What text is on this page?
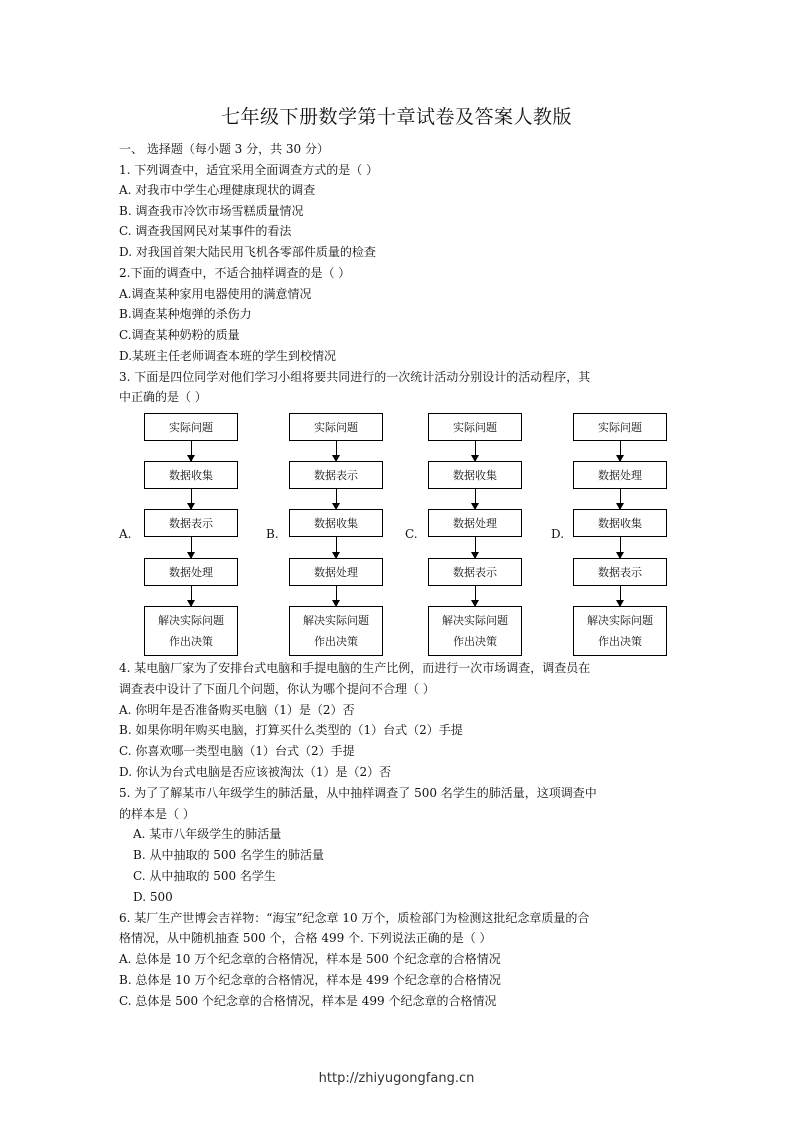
七年级下册数学第十章试卷及答案人教版
一、 选择题（每小题 3 分，共 30 分）
1. 下列调查中，适宜采用全面调查方式的是（ ）
A. 对我市中学生心理健康现状的调查
B. 调查我市冷饮市场雪糕质量情况
C. 调查我国网民对某事件的看法
D. 对我国首架大陆民用飞机各零部件质量的检查
2.下面的调查中，不适合抽样调查的是（ ）
A.调查某种家用电器使用的满意情况
B.调查某种炮弹的杀伤力
C.调查某种奶粉的质量
D.某班主任老师调查本班的学生到校情况
3. 下面是四位同学对他们学习小组将要共同进行的一次统计活动分别设计的活动程序，其
中正确的是（ ）
A.
实际问题
数据收集
数据表示
数据处理
解决实际问题
作出决策
B.
实际问题
数据表示
数据收集
数据处理
解决实际问题
作出决策
C.
实际问题
数据收集
数据处理
数据表示
解决实际问题
作出决策
D.
实际问题
数据处理
数据收集
数据表示
解决实际问题
作出决策
4. 某电脑厂家为了安排台式电脑和手提电脑的生产比例，而进行一次市场调查，调查员在
调查表中设计了下面几个问题，你认为哪个提问不合理（ ）
A. 你明年是否准备购买电脑（1）是（2）否
B. 如果你明年购买电脑，打算买什么类型的（1）台式（2）手提
C. 你喜欢哪一类型电脑（1）台式（2）手提
D. 你认为台式电脑是否应该被淘汰（1）是（2）否
5. 为了了解某市八年级学生的肺活量，从中抽样调查了 500 名学生的肺活量，这项调查中
的样本是（ ）
A. 某市八年级学生的肺活量
B. 从中抽取的 500 名学生的肺活量
C. 从中抽取的 500 名学生
D. 500
6. 某厂生产世博会吉祥物：“海宝”纪念章 10 万个，质检部门为检测这批纪念章质量的合
格情况，从中随机抽查 500 个，合格 499 个. 下列说法正确的是（ ）
A. 总体是 10 万个纪念章的合格情况，样本是 500 个纪念章的合格情况
B. 总体是 10 万个纪念章的合格情况，样本是 499 个纪念章的合格情况
C. 总体是 500 个纪念章的合格情况，样本是 499 个纪念章的合格情况
http://zhiyugongfang.cn
